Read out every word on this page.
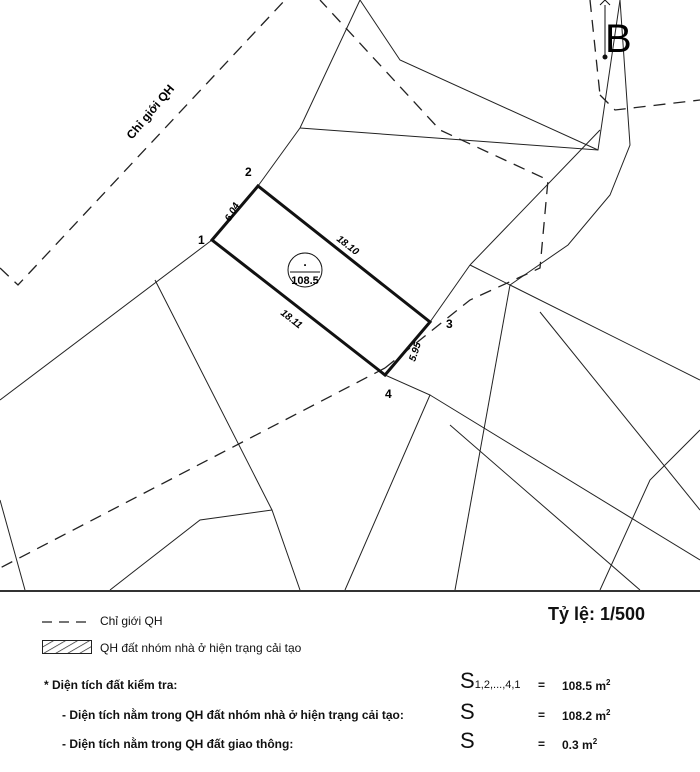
.
108.5
1
2
3
4
6.04
18.10
5.95
18.11
Chỉ giới QH
B
Tỷ lệ: 1/500
Chỉ giới QH
QH đất nhóm nhà ở hiện trạng cải tạo
* Diện tích đất kiểm tra:	S1,2,...,4,1 = 108.5 $m^2$
- Diện tích nằm trong QH đất nhóm nhà ở hiện trạng cải tạo:	S	= 108.2 $m^2$
- Diện tích nằm trong QH đất giao thông:	S	= 0.3 $m^2$
